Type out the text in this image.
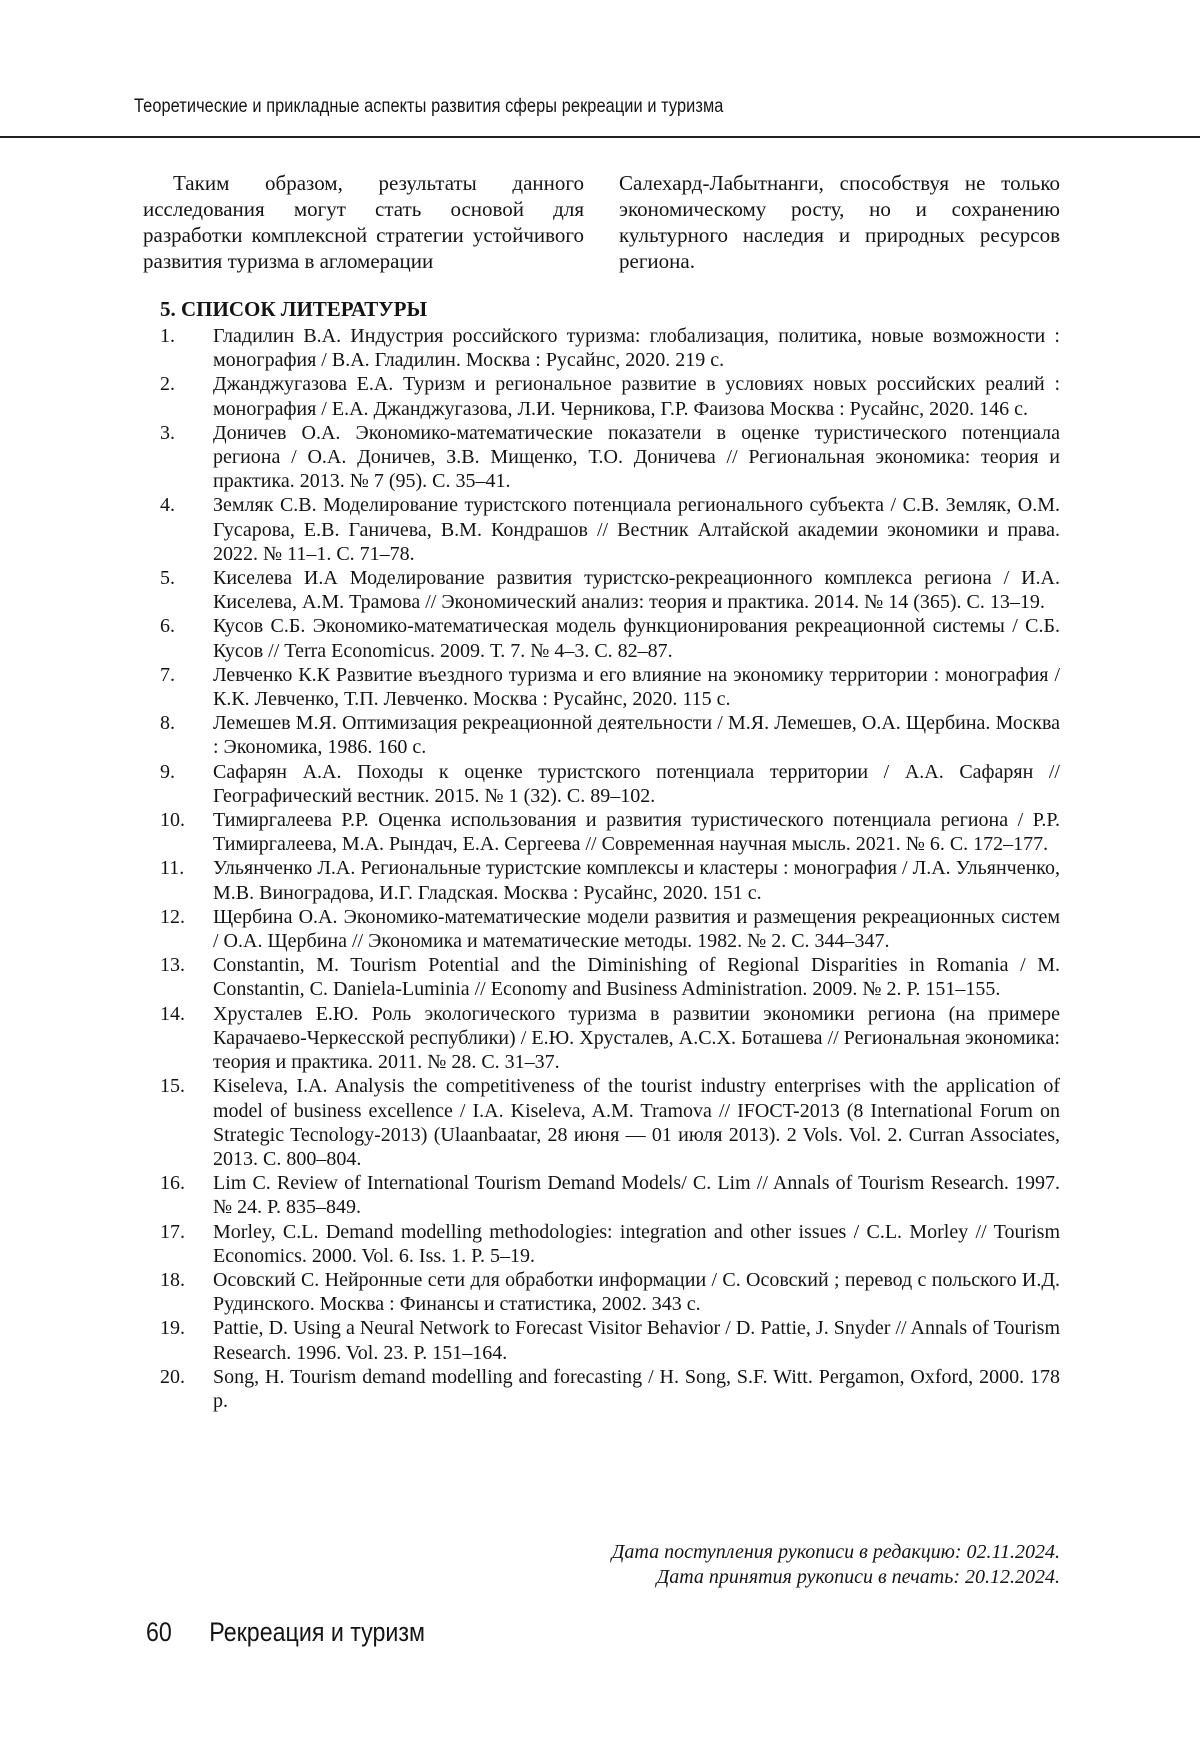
Теоретические и прикладные аспекты развития сферы рекреации и туризма

Таким образом, результаты данного исследования могут стать основой для разработки комплексной стратегии устойчивого развития туризма в агломерации

Салехард-Лабытнанги, способствуя не только экономическому росту, но и сохранению культурного наследия и природных ресурсов региона.

5. СПИСОК ЛИТЕРАТУРЫ
1.	Гладилин В.А. Индустрия российского туризма: глобализация, политика, новые возможности : монография / В.А. Гладилин. Москва : Русайнс, 2020. 219 с.
2.	Джанджугазова Е.А. Туризм и региональное развитие в условиях новых российских реалий : монография / Е.А. Джанджугазова, Л.И. Черникова, Г.Р. Фаизова Москва : Русайнс, 2020. 146 с.
3.	Доничев О.А. Экономико-математические показатели в оценке туристического потенциала региона / О.А. Доничев, З.В. Мищенко, Т.О. Доничева // Региональная экономика: теория и практика. 2013. № 7 (95). С. 35–41.
4.	Земляк С.В. Моделирование туристского потенциала регионального субъекта / С.В. Земляк, О.М. Гусарова, Е.В. Ганичева, В.М. Кондрашов // Вестник Алтайской академии экономики и права. 2022. № 11–1. С. 71–78.
5.	Киселева И.А Моделирование развития туристско-рекреационного комплекса региона / И.А. Киселева, А.М. Трамова // Экономический анализ: теория и практика. 2014. № 14 (365). С. 13–19.
6.	Кусов С.Б. Экономико-математическая модель функционирования рекреационной системы / С.Б. Кусов // Terra Economicus. 2009. Т. 7. № 4–3. С. 82–87.
7.	Левченко К.К Развитие въездного туризма и его влияние на экономику территории : монография / К.К. Левченко, Т.П. Левченко. Москва : Русайнс, 2020. 115 с.
8.	Лемешев М.Я. Оптимизация рекреационной деятельности / М.Я. Лемешев, О.А. Щербина. Москва : Экономика, 1986. 160 с.
9.	Сафарян А.А. Походы к оценке туристского потенциала территории / А.А. Сафарян // Географический вестник. 2015. № 1 (32). С. 89–102.
10.	Тимиргалеева Р.Р. Оценка использования и развития туристического потенциала региона / Р.Р. Тимиргалеева, М.А. Рындач, Е.А. Сергеева // Современная научная мысль. 2021. № 6. С. 172–177.
11.	Ульянченко Л.А. Региональные туристские комплексы и кластеры : монография / Л.А. Ульянченко, М.В. Виноградова, И.Г. Гладская. Москва : Русайнс, 2020. 151 с.
12.	Щербина О.А. Экономико-математические модели развития и размещения рекреационных систем / О.А. Щербина // Экономика и математические методы. 1982. № 2. С. 344–347.
13.	Constantin, M. Tourism Potential and the Diminishing of Regional Disparities in Romania / M. Constantin, C. Daniela-Luminia // Economy and Business Administration. 2009. № 2. P. 151–155.
14.	Хрусталев Е.Ю. Роль экологического туризма в развитии экономики региона (на примере Карачаево-Черкесской республики) / Е.Ю. Хрусталев, А.С.Х. Боташева // Региональная экономика: теория и практика. 2011. № 28. С. 31–37.
15.	Kiseleva, I.A. Analysis the competitiveness of the tourist industry enterprises with the application of model of business excellence / I.A. Kiseleva, A.M. Tramova // IFOCT-2013 (8 International Forum on Strategic Tecnology-2013) (Ulaanbaatar, 28 июня — 01 июля 2013). 2 Vols. Vol. 2. Curran Associates, 2013. С. 800–804.
16.	Lim C. Review of International Tourism Demand Models/ C. Lim // Annals of Tourism Research. 1997. № 24. P. 835–849.
17.	Morley, C.L. Demand modelling methodologies: integration and other issues / C.L. Morley // Tourism Economics. 2000. Vol. 6. Iss. 1. P. 5–19.
18.	Осовский С. Нейронные сети для обработки информации / С. Осовский ; перевод с польского И.Д. Рудинского. Москва : Финансы и статистика, 2002. 343 с.
19.	Pattie, D. Using a Neural Network to Forecast Visitor Behavior / D. Pattie, J. Snyder // Annals of Tourism Research. 1996. Vol. 23. P. 151–164.
20.	Song, H. Tourism demand modelling and forecasting / H. Song, S.F. Witt. Pergamon, Oxford, 2000. 178 p.
Дата поступления рукописи в редакцию: 02.11.2024.
Дата принятия рукописи в печать: 20.12.2024.
60 Рекреация и туризм
